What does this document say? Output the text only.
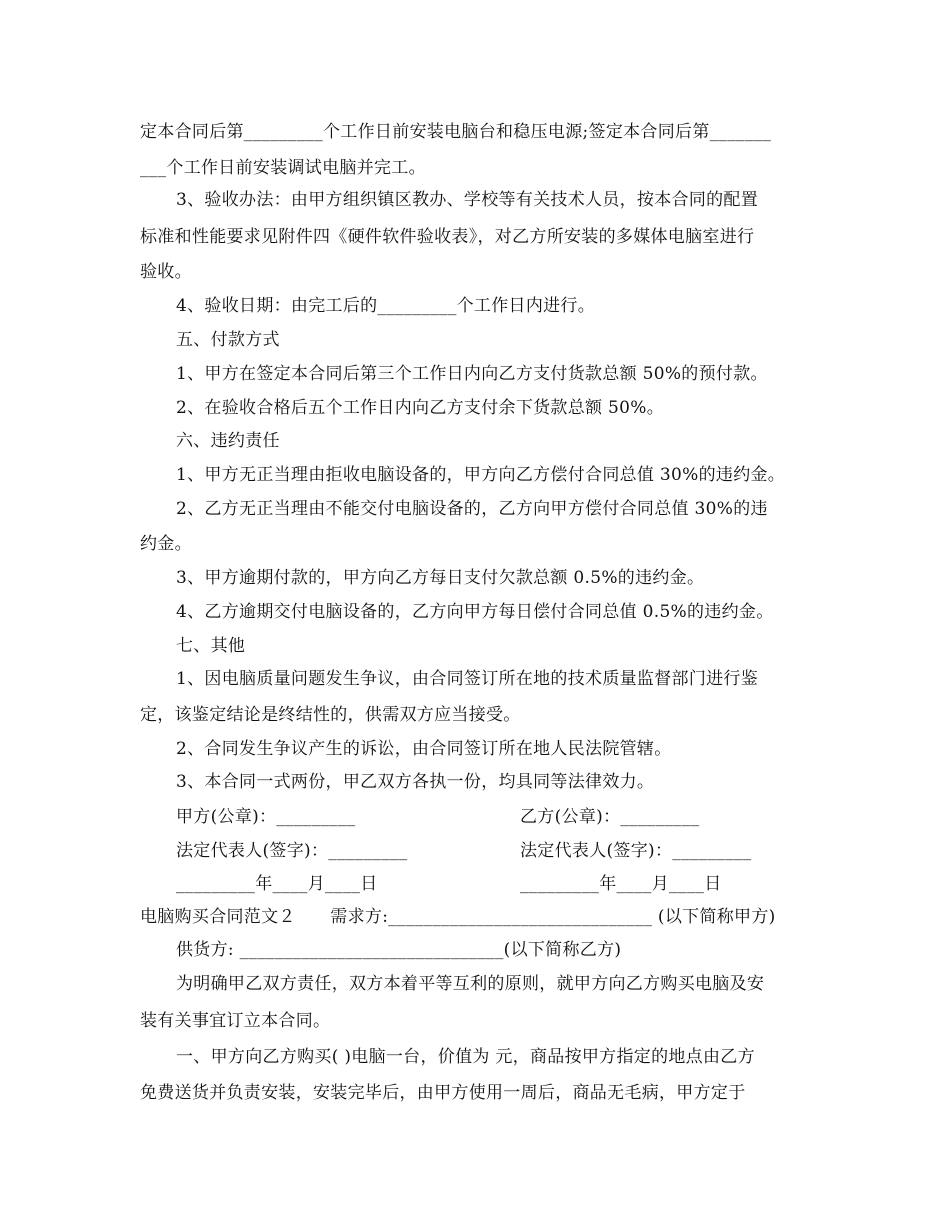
定本合同后第_________个工作日前安装电脑台和稳压电源;签定本合同后第_______
___个工作日前安装调试电脑并完工。
3、验收办法：由甲方组织镇区教办、学校等有关技术人员，按本合同的配置
标准和性能要求见附件四《硬件软件验收表》，对乙方所安装的多媒体电脑室进行
验收。
4、验收日期：由完工后的_________个工作日内进行。
五、付款方式
1、甲方在签定本合同后第三个工作日内向乙方支付货款总额 50%的预付款。
2、在验收合格后五个工作日内向乙方支付余下货款总额 50%。
六、违约责任
1、甲方无正当理由拒收电脑设备的，甲方向乙方偿付合同总值 30%的违约金。
2、乙方无正当理由不能交付电脑设备的，乙方向甲方偿付合同总值 30%的违
约金。
3、甲方逾期付款的，甲方向乙方每日支付欠款总额 0.5%的违约金。
4、乙方逾期交付电脑设备的，乙方向甲方每日偿付合同总值 0.5%的违约金。
七、其他
1、因电脑质量问题发生争议，由合同签订所在地的技术质量监督部门进行鉴
定，该鉴定结论是终结性的，供需双方应当接受。
2、合同发生争议产生的诉讼，由合同签订所在地人民法院管辖。
3、本合同一式两份，甲乙双方各执一份，均具同等法律效力。
甲方(公章)：_________	乙方(公章)：_________
法定代表人(签字)：_________	法定代表人(签字)：_________
_________年____月____日	_________年____月____日
电脑购买合同范文２　　需求方:______________________________ (以下简称甲方)
供货方: ______________________________(以下简称乙方)
为明确甲乙双方责任，双方本着平等互利的原则，就甲方向乙方购买电脑及安
装有关事宜订立本合同。
一、甲方向乙方购买( )电脑一台，价值为 元，商品按甲方指定的地点由乙方
免费送货并负责安装，安装完毕后，由甲方使用一周后，商品无毛病，甲方定于
